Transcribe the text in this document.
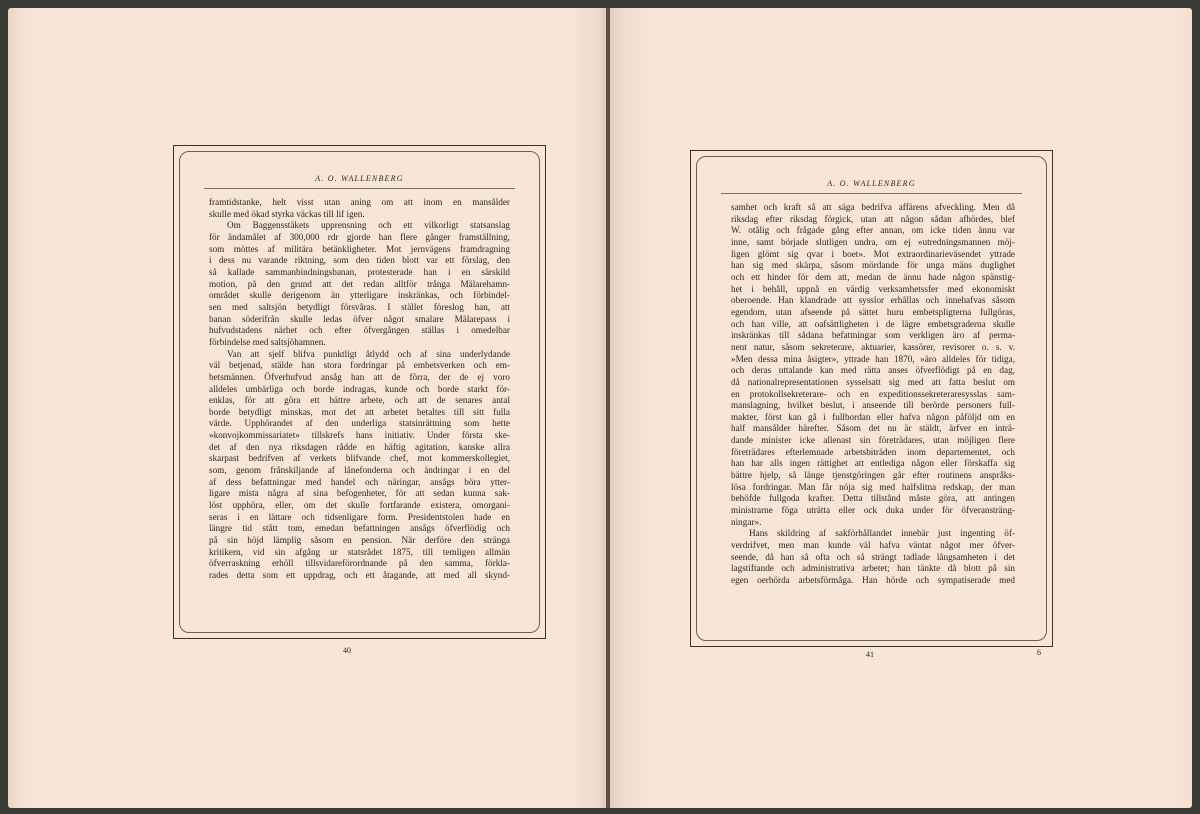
A. O. WALLENBERG
framtidstanke, helt visst utan aning om att inom en mansålder
skulle med ökad styrka väckas till lif igen.
Om Baggensstäkets upprensning och ett vilkorligt statsanslag
för ändamålet af 300,000 rdr gjorde han flere gånger framställning,
som möttes af militära betänkligheter. Mot jernvägens framdragning
i dess nu varande riktning, som den tiden blott var ett förslag, den
så kallade sammanbindningsbanan, protesterade han i en särskild
motion, på den grund att det redan alltför trånga Mälarehamn-
området skulle derigenom än ytterligare inskränkas, och förbindel-
sen med saltsjön betydligt försvåras. I stället föreslog han, att
banan söderifrån skulle ledas öfver något smalare Mälarepass i
hufvudstadens närhet och efter öfvergången ställas i omedelbar
förbindelse med saltsjöhamnen.
Van att sjelf blifva punktligt åtlydd och af sina underlydande
väl betjenad, stälde han stora fordringar på embetsverken och em-
betsmännen. Öfverhufvud ansåg han att de förra, der de ej voro
alldeles umbärliga och borde indragas, kunde och borde starkt för-
enklas, för att göra ett bättre arbete, och att de senares antal
borde betydligt minskas, mot det att arbetet betaltes till sitt fulla
värde. Upphörandet af den underliga statsinrättning som hette
»konvojkommissariatet» tillskrefs hans initiativ. Under första ske-
det af den nya riksdagen rådde en häftig agitation, kanske allra
skarpast bedrifven af verkets blifvande chef, mot kommerskollegiet,
som, genom frånskiljande af lånefonderna och ändringar i en del
af dess befattningar med handel och näringar, ansågs böra ytter-
ligare mista några af sina befogenheter, för att sedan kunna sak-
löst upphöra, eller, om det skulle fortfarande existera, omorgani-
seras i en lättare och tidsenligare form. Presidentstolen hade en
längre tid stått tom, emedan befattningen ansågs öfverflödig och
på sin höjd lämplig såsom en pension. När derföre den stränga
kritikern, vid sin afgång ur statsrådet 1875, till temligen allmän
öfverraskning erhöll tillsvidareförordnande på den samma, förkla-
rades detta som ett uppdrag, och ett åtagande, att med all skynd-
40
A. O. WALLENBERG
samhet och kraft så att säga bedrifva affärens afveckling. Men då
riksdag efter riksdag förgick, utan att någon sådan afhördes, blef
W. otålig och frågade gång efter annan, om icke tiden ännu var
inne, samt började slutligen undra, om ej »utredningsmannen möj-
ligen glömt sig qvar i boet». Mot extraordinarieväsendet yttrade
han sig med skärpa, såsom mördande för unga mäns duglighet
och ett hinder för dem att, medan de ännu hade någon spänstig-
het i behåll, uppnå en värdig verksamhetssfer med ekonomiskt
oberoende. Han klandrade att sysslor erhållas och innehafvas såsom
egendom, utan afseende på sättet huru embetspligterna fullgöras,
och han ville, att oafsättligheten i de lägre embetsgraderna skulle
inskränkas till sådana befattningar som verkligen äro af perma-
nent natur, såsom sekreterare, aktuarier, kassörer, revisorer o. s. v.
»Men dessa mina åsigter», yttrade han 1870, »äro alldeles för tidiga,
och deras uttalande kan med rätta anses öfverflödigt på en dag,
då nationalrepresentationen sysselsatt sig med att fatta beslut om
en protokollsekreterare- och en expeditionssekreteraresysslas sam-
manslagning, hvilket beslut, i anseende till berörde personers full-
makter, först kan gå i fullbordan eller hafva någon påföljd om en
half mansålder härefter. Såsom det nu är stäldt, ärfver en inträ-
dande minister icke allenast sin företrädares, utan möjligen flere
företrädares efterlemnade arbetsbiträden inom departementet, och
han har alls ingen rättighet att entlediga någon eller förskaffa sig
bättre hjelp, så länge tjenstgöringen går efter routinens anspråks-
lösa fordringar. Man får nöja sig med halfslitna redskap, der man
behöfde fullgoda krafter. Detta tillstånd måste göra, att antingen
ministrarne föga uträtta eller ock duka under för öfveransträng-
ningar».
Hans skildring af sakförhållandet innebär just ingenting öf-
verdrifvet, men man kunde väl hafva väntat något mer öfver-
seende, då han så ofta och så strängt tadlade långsamheten i det
lagstiftande och administrativa arbetet; han tänkte då blott på sin
egen oerhörda arbetsförmåga. Han hörde och sympatiserade med
41	6
